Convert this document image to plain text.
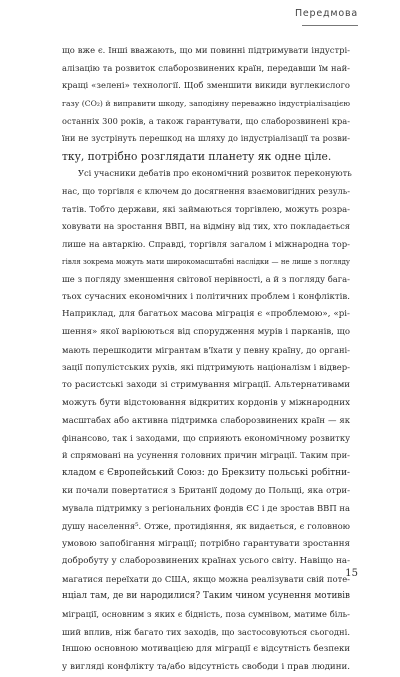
Передмова
що вже є. Інші вважають, що ми повинні підтримувати індустрі-
алізацію та розвиток слаборозвинених країн, передавши їм най-
кращі «зелені» технології. Щоб зменшити викиди вуглекислого
газу (СО₂) й виправити шкоду, заподіяну переважно індустріалізацією
останніх 300 років, а також гарантувати, що слаборозвинені кра-
їни не зустрінуть перешкод на шляху до індустріалізації та розви-
тку, потрібно розглядати планету як одне ціле.
Усі учасники дебатів про економічний розвиток переконують
нас, що торгівля є ключем до досягнення взаємовигідних резуль-
татів. Тобто держави, які займаються торгівлею, можуть розра-
ховувати на зростання ВВП, на відміну від тих, хто покладається
лише на автаркію. Справді, торгівля загалом і міжнародна тор-
гівля зокрема можуть мати широкомасштабні наслідки — не лише з погляду
ше з погляду зменшення світової нерівності, а й з погляду бага-
тьох сучасних економічних і політичних проблем і конфліктів.
Наприклад, для багатьох масова міграція є «проблемою», «рі-
шення» якої варіюються від спорудження мурів і парканів, що
мають перешкодити мігрантам в'їхати у певну країну, до органі-
зації популістських рухів, які підтримують націоналізм і відвер-
то расистські заходи зі стримування міграції. Альтернативами
можуть бути відстоювання відкритих кордонів у міжнародних
масштабах або активна підтримка слаборозвинених країн — як
фінансово, так і заходами, що сприяють економічному розвитку
й спрямовані на усунення головних причин міграції. Таким при-
кладом є Європейський Союз: до Брекзиту польські робітни-
ки почали повертатися з Британії додому до Польщі, яка отри-
мувала підтримку з регіональних фондів ЄС і де зростав ВВП на
душу населення⁵. Отже, протидіяння, як видається, є головною
умовою запобігання міграції; потрібно гарантувати зростання
добробуту у слаборозвинених країнах усього світу. Навіщо на-
магатися переїхати до США, якщо можна реалізувати свій поте-
нціал там, де ви народилися? Таким чином усунення мотивів
міграції, основним з яких є бідність, поза сумнівом, матиме біль-
ший вплив, ніж багато тих заходів, що застосовуються сьогодні.
Іншою основною мотивацією для міграції є відсутність безпеки
у вигляді конфлікту та/або відсутність свободи і прав людини.
15
